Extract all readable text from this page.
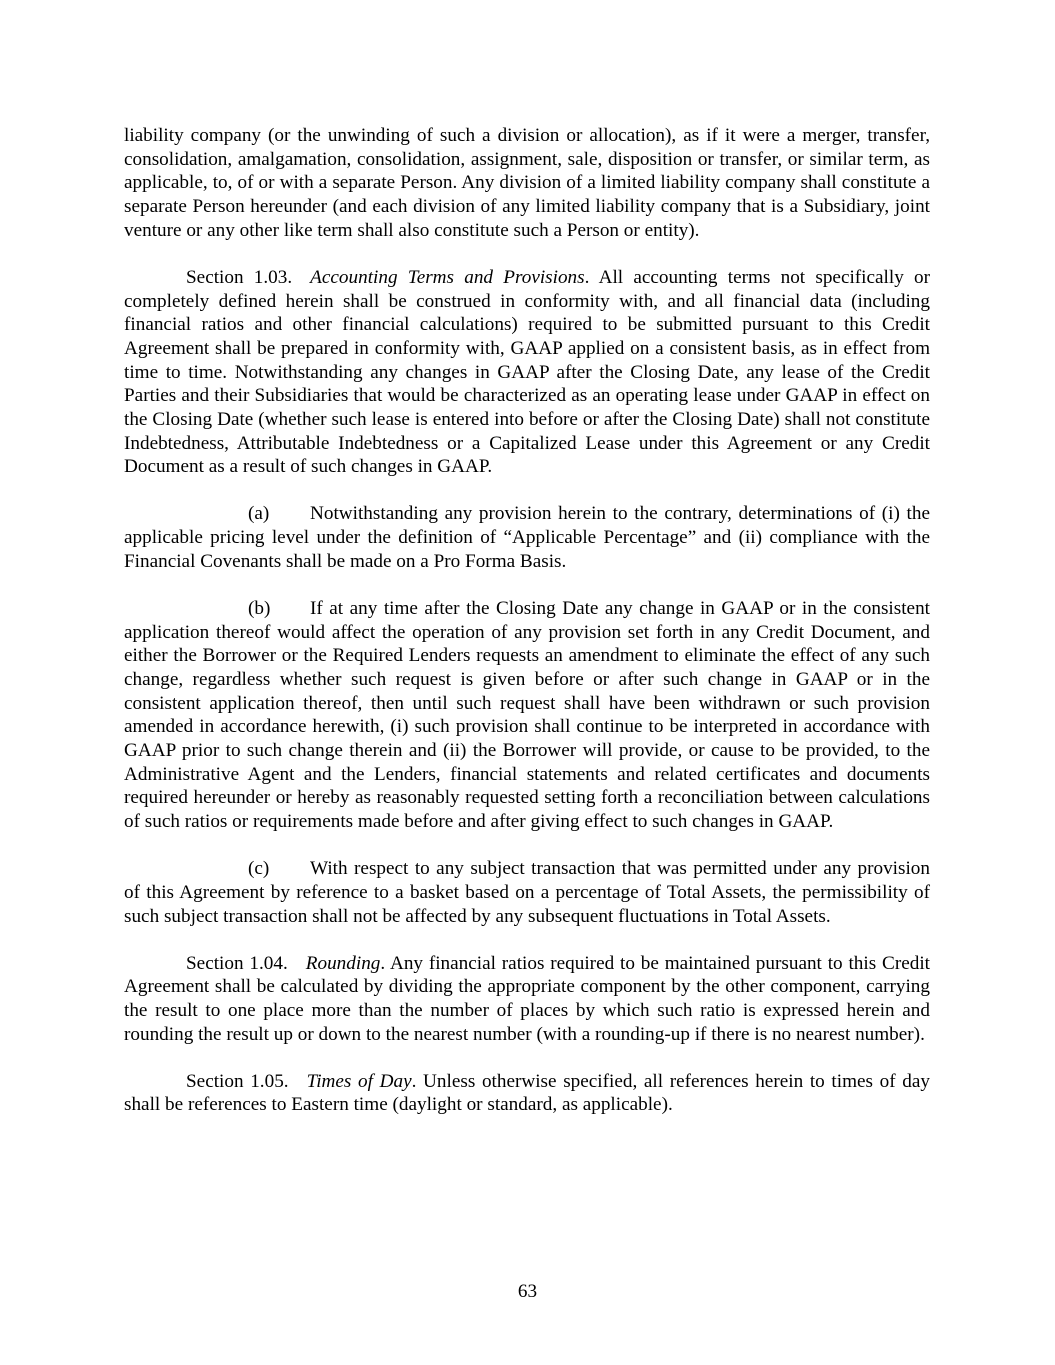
liability company (or the unwinding of such a division or allocation), as if it were a merger, transfer, consolidation, amalgamation, consolidation, assignment, sale, disposition or transfer, or similar term, as applicable, to, of or with a separate Person. Any division of a limited liability company shall constitute a separate Person hereunder (and each division of any limited liability company that is a Subsidiary, joint venture or any other like term shall also constitute such a Person or entity).

Section 1.03. Accounting Terms and Provisions. All accounting terms not specifically or completely defined herein shall be construed in conformity with, and all financial data (including financial ratios and other financial calculations) required to be submitted pursuant to this Credit Agreement shall be prepared in conformity with, GAAP applied on a consistent basis, as in effect from time to time. Notwithstanding any changes in GAAP after the Closing Date, any lease of the Credit Parties and their Subsidiaries that would be characterized as an operating lease under GAAP in effect on the Closing Date (whether such lease is entered into before or after the Closing Date) shall not constitute Indebtedness, Attributable Indebtedness or a Capitalized Lease under this Agreement or any Credit Document as a result of such changes in GAAP.

(a) Notwithstanding any provision herein to the contrary, determinations of (i) the applicable pricing level under the definition of “Applicable Percentage” and (ii) compliance with the Financial Covenants shall be made on a Pro Forma Basis.

(b) If at any time after the Closing Date any change in GAAP or in the consistent application thereof would affect the operation of any provision set forth in any Credit Document, and either the Borrower or the Required Lenders requests an amendment to eliminate the effect of any such change, regardless whether such request is given before or after such change in GAAP or in the consistent application thereof, then until such request shall have been withdrawn or such provision amended in accordance herewith, (i) such provision shall continue to be interpreted in accordance with GAAP prior to such change therein and (ii) the Borrower will provide, or cause to be provided, to the Administrative Agent and the Lenders, financial statements and related certificates and documents required hereunder or hereby as reasonably requested setting forth a reconciliation between calculations of such ratios or requirements made before and after giving effect to such changes in GAAP.

(c) With respect to any subject transaction that was permitted under any provision of this Agreement by reference to a basket based on a percentage of Total Assets, the permissibility of such subject transaction shall not be affected by any subsequent fluctuations in Total Assets.

Section 1.04. Rounding. Any financial ratios required to be maintained pursuant to this Credit Agreement shall be calculated by dividing the appropriate component by the other component, carrying the result to one place more than the number of places by which such ratio is expressed herein and rounding the result up or down to the nearest number (with a rounding-up if there is no nearest number).

Section 1.05. Times of Day. Unless otherwise specified, all references herein to times of day shall be references to Eastern time (daylight or standard, as applicable).

63
